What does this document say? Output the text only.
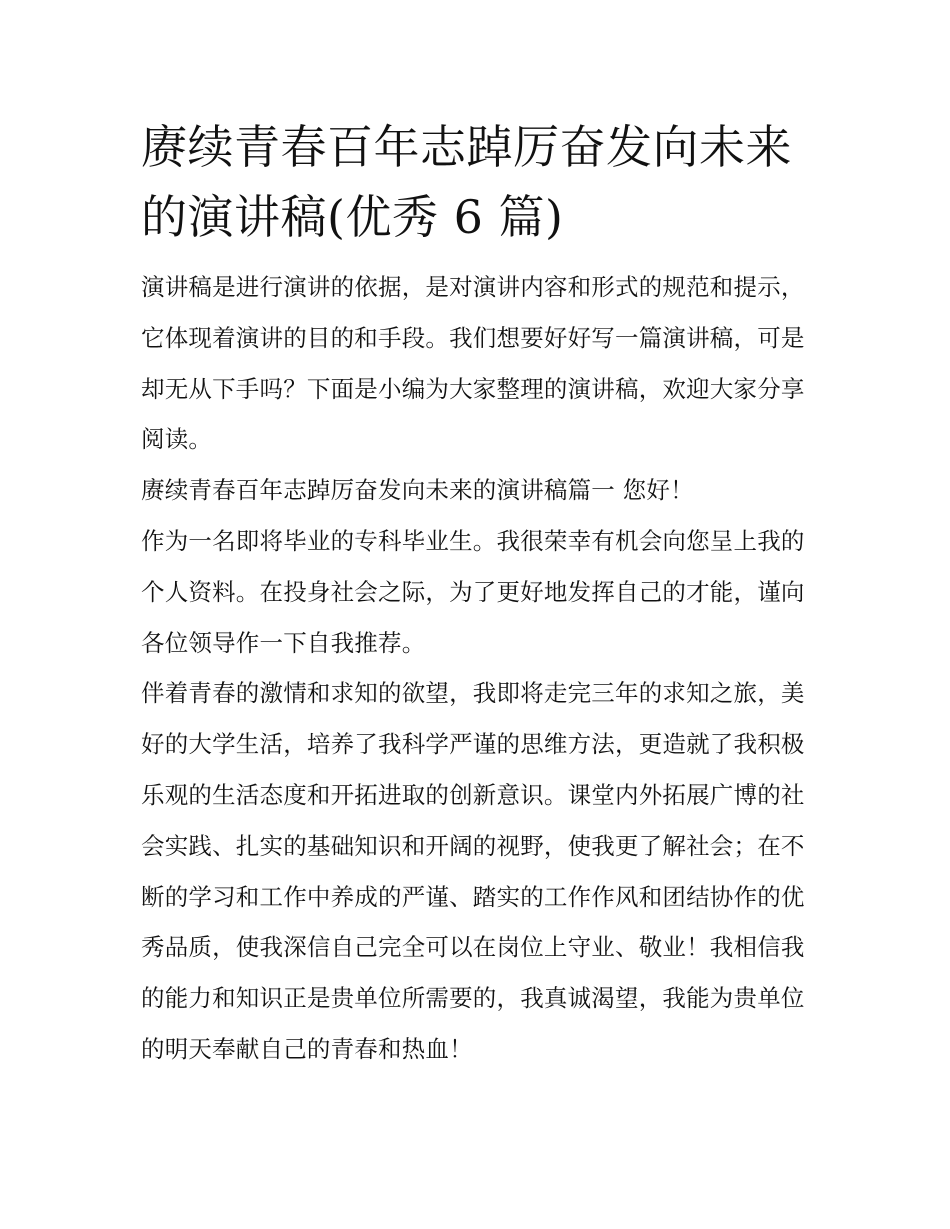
赓续青春百年志踔厉奋发向未来的演讲稿(优秀 6 篇)

演讲稿是进行演讲的依据，是对演讲内容和形式的规范和提示，它体现着演讲的目的和手段。我们想要好好写一篇演讲稿，可是却无从下手吗？下面是小编为大家整理的演讲稿，欢迎大家分享阅读。

赓续青春百年志踔厉奋发向未来的演讲稿篇一 您好！

作为一名即将毕业的专科毕业生。我很荣幸有机会向您呈上我的个人资料。在投身社会之际，为了更好地发挥自己的才能，谨向各位领导作一下自我推荐。

伴着青春的激情和求知的欲望，我即将走完三年的求知之旅，美好的大学生活，培养了我科学严谨的思维方法，更造就了我积极乐观的生活态度和开拓进取的创新意识。课堂内外拓展广博的社会实践、扎实的基础知识和开阔的视野，使我更了解社会；在不断的学习和工作中养成的严谨、踏实的工作作风和团结协作的优秀品质，使我深信自己完全可以在岗位上守业、敬业！我相信我的能力和知识正是贵单位所需要的，我真诚渴望，我能为贵单位的明天奉献自己的青春和热血！
